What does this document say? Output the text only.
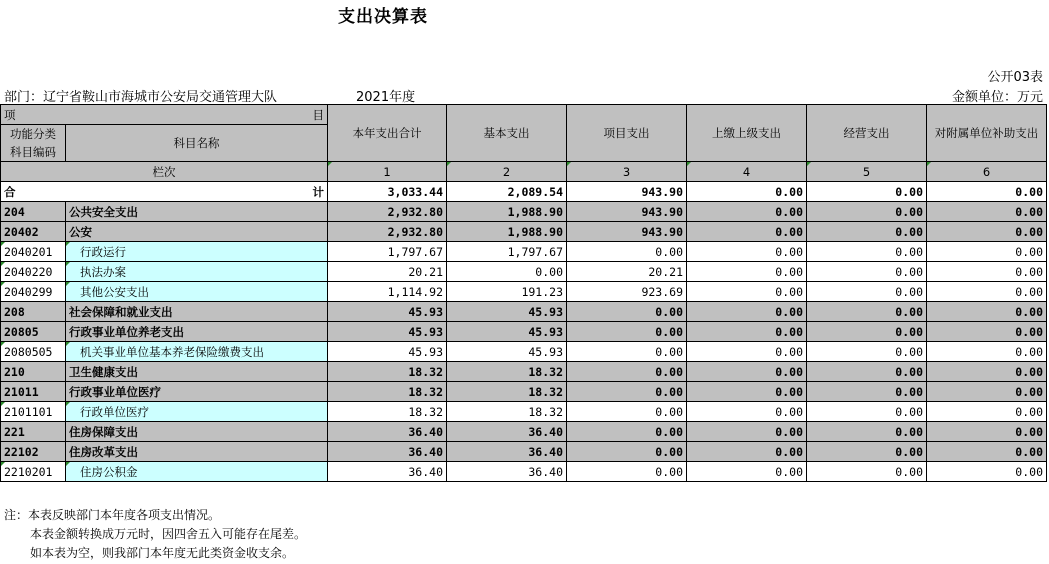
支出决算表
公开03表
部门：辽宁省鞍山市海城市公安局交通管理大队	2021年度	金额单位：万元
项 目		本年支出合计	基本支出	项目支出	上缴上级支出	经营支出	对附属单位补助支出
功能分类
科目编码	科目名称						
栏次		1	2	3	4	5	6

合 计		3,033.44	2,089.54	943.90	0.00	0.00	0.00
204	公共安全支出	2,932.80	1,988.90	943.90	0.00	0.00	0.00
20402	公安	2,932.80	1,988.90	943.90	0.00	0.00	0.00
2040201	行政运行	1,797.67	1,797.67	0.00	0.00	0.00	0.00
2040220	执法办案	20.21	0.00	20.21	0.00	0.00	0.00
2040299	其他公安支出	1,114.92	191.23	923.69	0.00	0.00	0.00
208	社会保障和就业支出	45.93	45.93	0.00	0.00	0.00	0.00
20805	行政事业单位养老支出	45.93	45.93	0.00	0.00	0.00	0.00
2080505	机关事业单位基本养老保险缴费支出	45.93	45.93	0.00	0.00	0.00	0.00
210	卫生健康支出	18.32	18.32	0.00	0.00	0.00	0.00
21011	行政事业单位医疗	18.32	18.32	0.00	0.00	0.00	0.00
2101101	行政单位医疗	18.32	18.32	0.00	0.00	0.00	0.00
221	住房保障支出	36.40	36.40	0.00	0.00	0.00	0.00
22102	住房改革支出	36.40	36.40	0.00	0.00	0.00	0.00
2210201	住房公积金	36.40	36.40	0.00	0.00	0.00	0.00
注：本表反映部门本年度各项支出情况。
本表金额转换成万元时，因四舍五入可能存在尾差。
如本表为空，则我部门本年度无此类资金收支余。
